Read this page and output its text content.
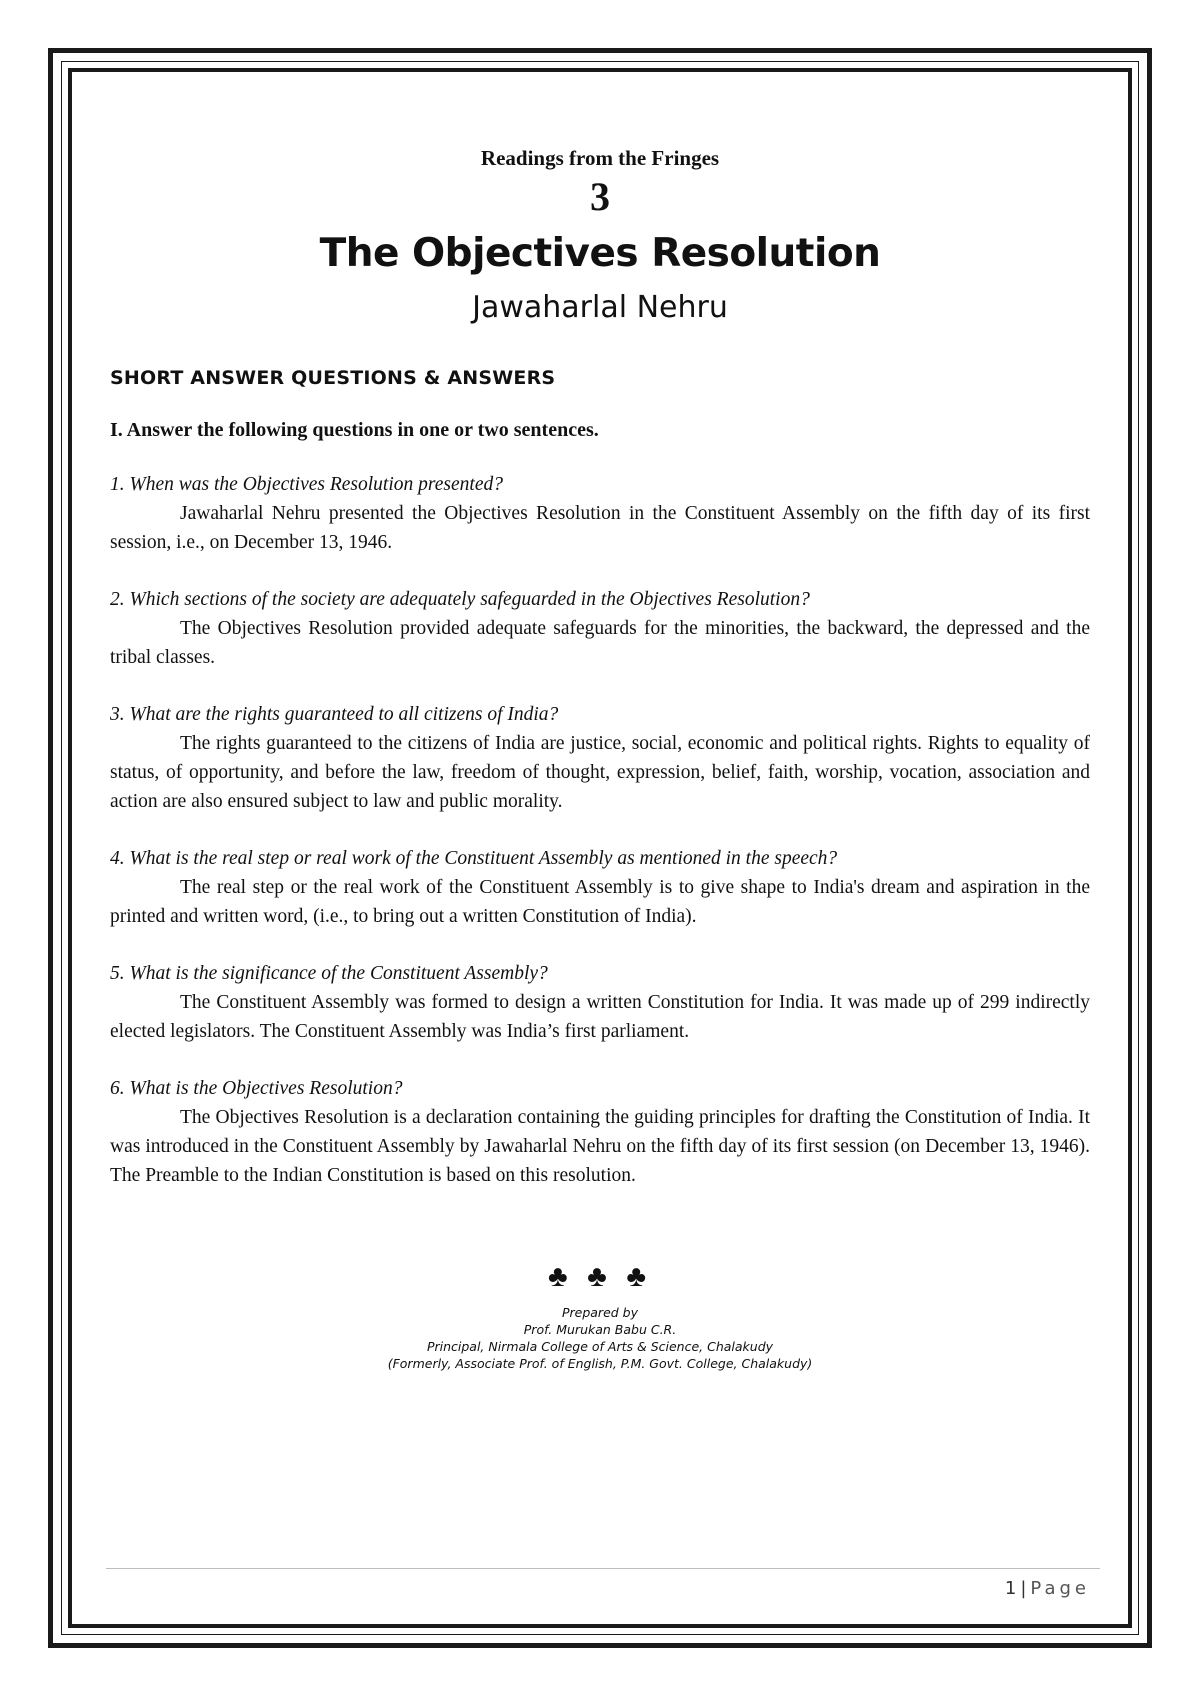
Readings from the Fringes
3
The Objectives Resolution
Jawaharlal Nehru
SHORT ANSWER QUESTIONS & ANSWERS
I. Answer the following questions in one or two sentences.
1. When was the Objectives Resolution presented?

Jawaharlal Nehru presented the Objectives Resolution in the Constituent Assembly on the fifth day of its first session, i.e., on December 13, 1946.

2. Which sections of the society are adequately safeguarded in the Objectives Resolution?

The Objectives Resolution provided adequate safeguards for the minorities, the backward, the depressed and the tribal classes.

3. What are the rights guaranteed to all citizens of India?

The rights guaranteed to the citizens of India are justice, social, economic and political rights. Rights to equality of status, of opportunity, and before the law, freedom of thought, expression, belief, faith, worship, vocation, association and action are also ensured subject to law and public morality.

4. What is the real step or real work of the Constituent Assembly as mentioned in the speech?

The real step or the real work of the Constituent Assembly is to give shape to India's dream and aspiration in the printed and written word, (i.e., to bring out a written Constitution of India).

5. What is the significance of the Constituent Assembly?

The Constituent Assembly was formed to design a written Constitution for India. It was made up of 299 indirectly elected legislators. The Constituent Assembly was India’s first parliament.

6. What is the Objectives Resolution?

The Objectives Resolution is a declaration containing the guiding principles for drafting the Constitution of India. It was introduced in the Constituent Assembly by Jawaharlal Nehru on the fifth day of its first session (on December 13, 1946). The Preamble to the Indian Constitution is based on this resolution.

♣ ♣ ♣
Prepared by
Prof. Murukan Babu C.R.
Principal, Nirmala College of Arts & Science, Chalakudy
(Formerly, Associate Prof. of English, P.M. Govt. College, Chalakudy)
1 | Page
